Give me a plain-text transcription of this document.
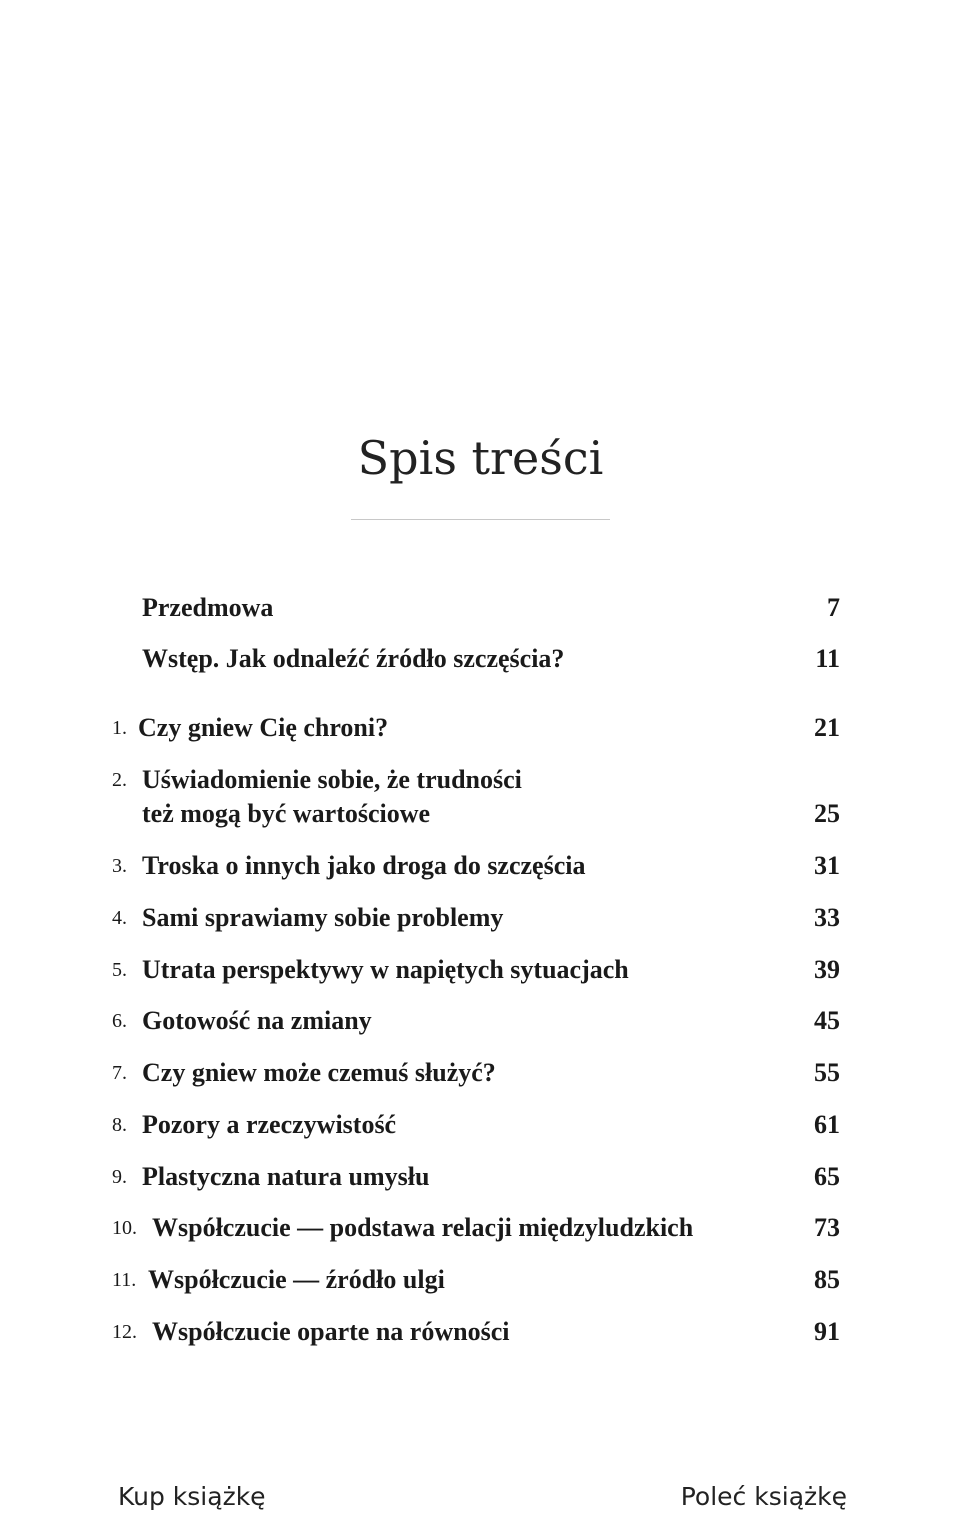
Spis treści
Przedmowa	7
Wstęp. Jak odnaleźć źródło szczęścia?	11
1. Czy gniew Cię chroni?	21
2. Uświadomienie sobie, że trudności
też mogą być wartościowe	25
3. Troska o innych jako droga do szczęścia	31
4. Sami sprawiamy sobie problemy	33
5. Utrata perspektywy w napiętych sytuacjach	39
6. Gotowość na zmiany	45
7. Czy gniew może czemuś służyć?	55
8. Pozory a rzeczywistość	61
9. Plastyczna natura umysłu	65
10. Współczucie — podstawa relacji międzyludzkich	73
11. Współczucie — źródło ulgi	85
12. Współczucie oparte na równości	91
Kup książkę	Poleć książkę
